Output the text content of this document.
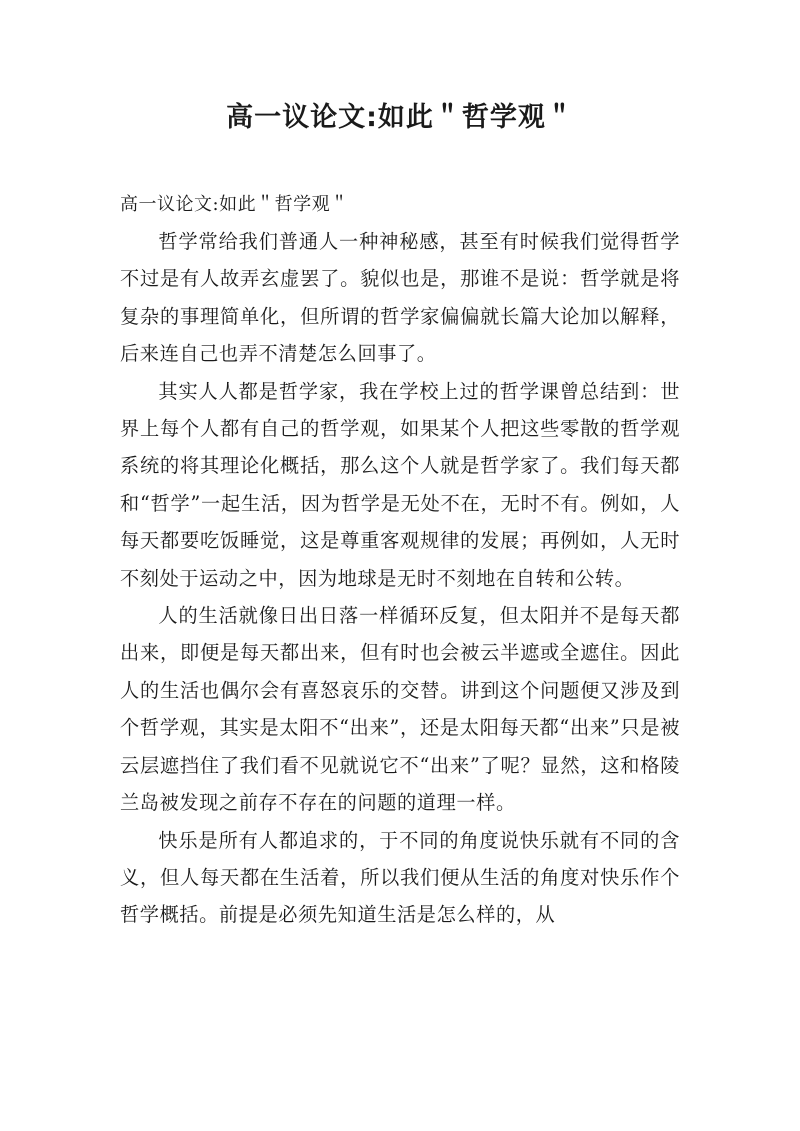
高一议论文:如此＂哲学观＂

高一议论文:如此＂哲学观＂

哲学常给我们普通人一种神秘感，甚至有时候我们觉得哲学不过是有人故弄玄虚罢了。貌似也是，那谁不是说：哲学就是将复杂的事理简单化，但所谓的哲学家偏偏就长篇大论加以解释，后来连自己也弄不清楚怎么回事了。

其实人人都是哲学家，我在学校上过的哲学课曾总结到：世界上每个人都有自己的哲学观，如果某个人把这些零散的哲学观系统的将其理论化概括，那么这个人就是哲学家了。我们每天都和“哲学”一起生活，因为哲学是无处不在，无时不有。例如，人每天都要吃饭睡觉，这是尊重客观规律的发展；再例如，人无时不刻处于运动之中，因为地球是无时不刻地在自转和公转。

人的生活就像日出日落一样循环反复，但太阳并不是每天都出来，即便是每天都出来，但有时也会被云半遮或全遮住。因此人的生活也偶尔会有喜怒哀乐的交替。讲到这个问题便又涉及到个哲学观，其实是太阳不“出来”，还是太阳每天都“出来”只是被云层遮挡住了我们看不见就说它不“出来”了呢？显然，这和格陵兰岛被发现之前存不存在的问题的道理一样。

快乐是所有人都追求的，于不同的角度说快乐就有不同的含义，但人每天都在生活着，所以我们便从生活的角度对快乐作个哲学概括。前提是必须先知道生活是怎么样的，从
